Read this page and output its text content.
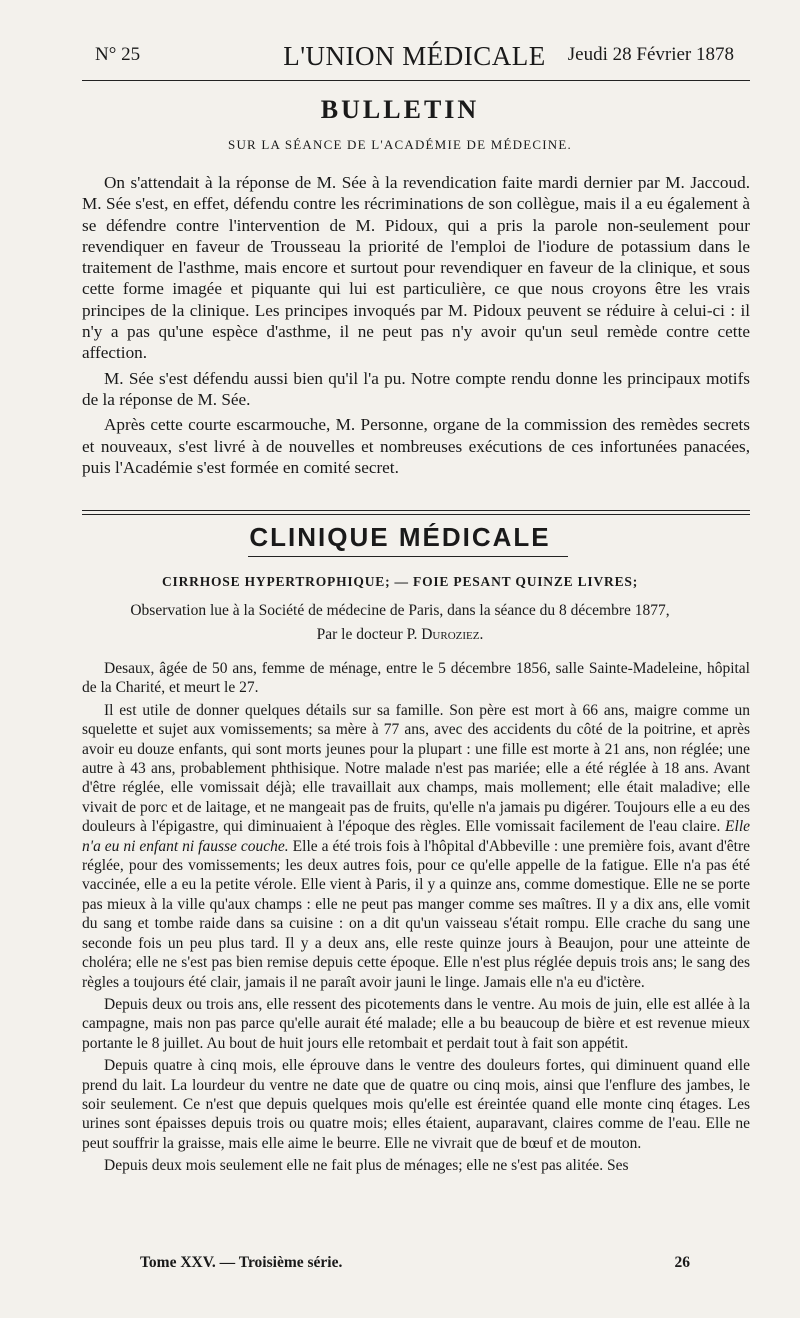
N° 25	L'UNION MÉDICALE	Jeudi 28 Février 1878
BULLETIN
SUR LA SÉANCE DE L'ACADÉMIE DE MÉDECINE.

On s'attendait à la réponse de M. Sée à la revendication faite mardi dernier par M. Jaccoud. M. Sée s'est, en effet, défendu contre les récriminations de son collègue, mais il a eu également à se défendre contre l'intervention de M. Pidoux, qui a pris la parole non-seulement pour revendiquer en faveur de Trousseau la priorité de l'emploi de l'iodure de potassium dans le traitement de l'asthme, mais encore et surtout pour revendiquer en faveur de la clinique, et sous cette forme imagée et piquante qui lui est particulière, ce que nous croyons être les vrais principes de la clinique. Les principes invoqués par M. Pidoux peuvent se réduire à celui-ci : il n'y a pas qu'une espèce d'asthme, il ne peut pas n'y avoir qu'un seul remède contre cette affection.

M. Sée s'est défendu aussi bien qu'il l'a pu. Notre compte rendu donne les principaux motifs de la réponse de M. Sée.

Après cette courte escarmouche, M. Personne, organe de la commission des remèdes secrets et nouveaux, s'est livré à de nouvelles et nombreuses exécutions de ces infortunées panacées, puis l'Académie s'est formée en comité secret.

CLINIQUE MÉDICALE
CIRRHOSE HYPERTROPHIQUE; — FOIE PESANT QUINZE LIVRES;
Observation lue à la Société de médecine de Paris, dans la séance du 8 décembre 1877,
Par le docteur P. Duroziez.

Desaux, âgée de 50 ans, femme de ménage, entre le 5 décembre 1856, salle Sainte-Madeleine, hôpital de la Charité, et meurt le 27.

Il est utile de donner quelques détails sur sa famille. Son père est mort à 66 ans, maigre comme un squelette et sujet aux vomissements; sa mère à 77 ans, avec des accidents du côté de la poitrine, et après avoir eu douze enfants, qui sont morts jeunes pour la plupart : une fille est morte à 21 ans, non réglée; une autre à 43 ans, probablement phthisique. Notre malade n'est pas mariée; elle a été réglée à 18 ans. Avant d'être réglée, elle vomissait déjà; elle travaillait aux champs, mais mollement; elle était maladive; elle vivait de porc et de laitage, et ne mangeait pas de fruits, qu'elle n'a jamais pu digérer. Toujours elle a eu des douleurs à l'épigastre, qui diminuaient à l'époque des règles. Elle vomissait facilement de l'eau claire. Elle n'a eu ni enfant ni fausse couche. Elle a été trois fois à l'hôpital d'Abbeville : une première fois, avant d'être réglée, pour des vomissements; les deux autres fois, pour ce qu'elle appelle de la fatigue. Elle n'a pas été vaccinée, elle a eu la petite vérole. Elle vient à Paris, il y a quinze ans, comme domestique. Elle ne se porte pas mieux à la ville qu'aux champs : elle ne peut pas manger comme ses maîtres. Il y a dix ans, elle vomit du sang et tombe raide dans sa cuisine : on a dit qu'un vaisseau s'était rompu. Elle crache du sang une seconde fois un peu plus tard. Il y a deux ans, elle reste quinze jours à Beaujon, pour une atteinte de choléra; elle ne s'est pas bien remise depuis cette époque. Elle n'est plus réglée depuis trois ans; le sang des règles a toujours été clair, jamais il ne paraît avoir jauni le linge. Jamais elle n'a eu d'ictère.

Depuis deux ou trois ans, elle ressent des picotements dans le ventre. Au mois de juin, elle est allée à la campagne, mais non pas parce qu'elle aurait été malade; elle a bu beaucoup de bière et est revenue mieux portante le 8 juillet. Au bout de huit jours elle retombait et perdait tout à fait son appétit.

Depuis quatre à cinq mois, elle éprouve dans le ventre des douleurs fortes, qui diminuent quand elle prend du lait. La lourdeur du ventre ne date que de quatre ou cinq mois, ainsi que l'enflure des jambes, le soir seulement. Ce n'est que depuis quelques mois qu'elle est éreintée quand elle monte cinq étages. Les urines sont épaisses depuis trois ou quatre mois; elles étaient, auparavant, claires comme de l'eau. Elle ne peut souffrir la graisse, mais elle aime le beurre. Elle ne vivrait que de bœuf et de mouton.

Depuis deux mois seulement elle ne fait plus de ménages; elle ne s'est pas alitée. Ses

Tome XXV. — Troisième série.	26
